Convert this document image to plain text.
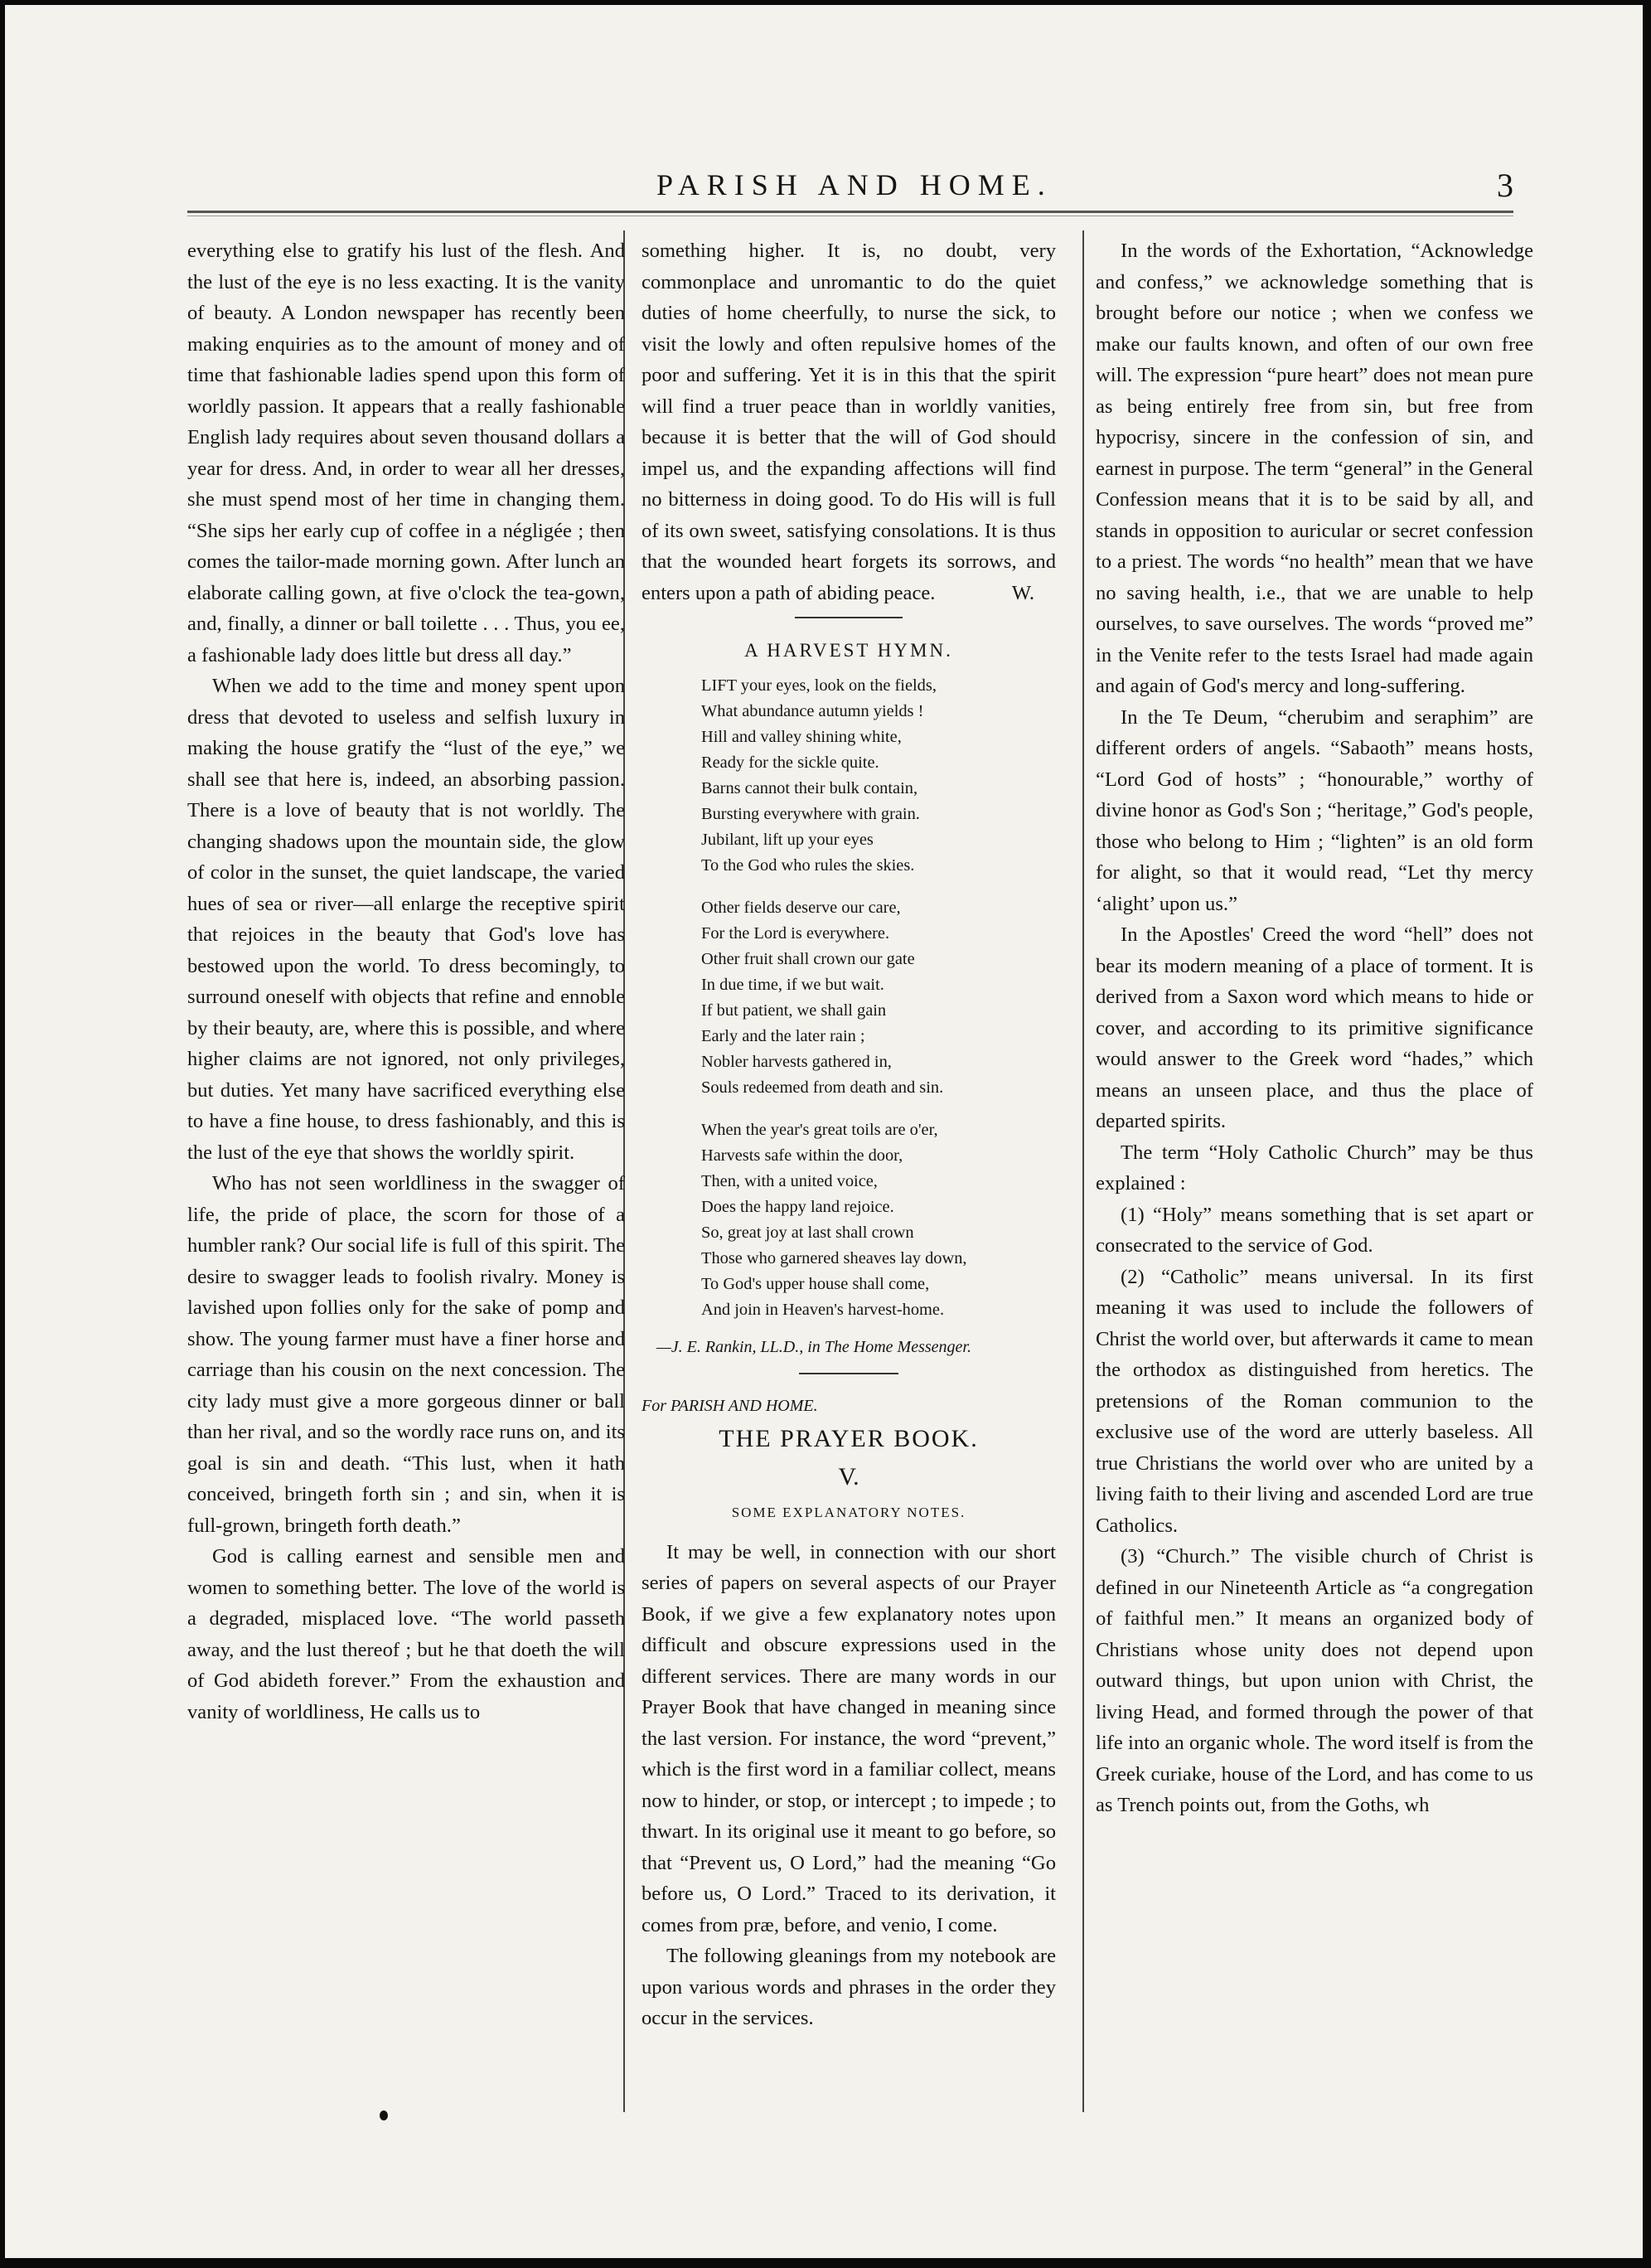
PARISH AND HOME.	3

everything else to gratify his lust of the flesh. And the lust of the eye is no less exacting. It is the vanity of beauty. A London newspaper has recently been making enquiries as to the amount of money and of time that fashionable ladies spend upon this form of worldly passion. It appears that a really fashionable English lady requires about seven thousand dollars a year for dress. And, in order to wear all her dresses, she must spend most of her time in changing them. “She sips her early cup of coffee in a négligée ; then comes the tailor-made morning gown. After lunch an elaborate calling gown, at five o'clock the tea-gown, and, finally, a dinner or ball toilette . . . Thus, you ee, a fashionable lady does little but dress all day.”

When we add to the time and money spent upon dress that devoted to useless and selfish luxury in making the house gratify the “lust of the eye,” we shall see that here is, indeed, an absorbing passion. There is a love of beauty that is not worldly. The changing shadows upon the mountain side, the glow of color in the sunset, the quiet landscape, the varied hues of sea or river—all enlarge the receptive spirit that rejoices in the beauty that God's love has bestowed upon the world. To dress becomingly, to surround oneself with objects that refine and ennoble by their beauty, are, where this is possible, and where higher claims are not ignored, not only privileges, but duties. Yet many have sacrificed everything else to have a fine house, to dress fashionably, and this is the lust of the eye that shows the worldly spirit.

Who has not seen worldliness in the swagger of life, the pride of place, the scorn for those of a humbler rank? Our social life is full of this spirit. The desire to swagger leads to foolish rivalry. Money is lavished upon follies only for the sake of pomp and show. The young farmer must have a finer horse and carriage than his cousin on the next concession. The city lady must give a more gorgeous dinner or ball than her rival, and so the wordly race runs on, and its goal is sin and death. “This lust, when it hath conceived, bringeth forth sin ; and sin, when it is full-grown, bringeth forth death.”

God is calling earnest and sensible men and women to something better. The love of the world is a degraded, misplaced love. “The world passeth away, and the lust thereof ; but he that doeth the will of God abideth forever.” From the exhaustion and vanity of worldliness, He calls us to

something higher. It is, no doubt, very commonplace and unromantic to do the quiet duties of home cheerfully, to nurse the sick, to visit the lowly and often repulsive homes of the poor and suffering. Yet it is in this that the spirit will find a truer peace than in worldly vanities, because it is better that the will of God should impel us, and the expanding affections will find no bitterness in doing good. To do His will is full of its own sweet, satisfying consolations. It is thus that the wounded heart forgets its sorrows, and enters upon a path of abiding peace.	W.
A HARVEST HYMN.
LIFT your eyes, look on the fields,
What abundance autumn yields !
Hill and valley shining white,
Ready for the sickle quite.
Barns cannot their bulk contain,
Bursting everywhere with grain.
Jubilant, lift up your eyes
To the God who rules the skies.
Other fields deserve our care,
For the Lord is everywhere.
Other fruit shall crown our gate
In due time, if we but wait.
If but patient, we shall gain
Early and the later rain ;
Nobler harvests gathered in,
Souls redeemed from death and sin.
When the year's great toils are o'er,
Harvests safe within the door,
Then, with a united voice,
Does the happy land rejoice.
So, great joy at last shall crown
Those who garnered sheaves lay down,
To God's upper house shall come,
And join in Heaven's harvest-home.
—J. E. Rankin, LL.D., in The Home Messenger.
For PARISH AND HOME.
THE PRAYER BOOK.
V.
SOME EXPLANATORY NOTES.

It may be well, in connection with our short series of papers on several aspects of our Prayer Book, if we give a few explanatory notes upon difficult and obscure expressions used in the different services. There are many words in our Prayer Book that have changed in meaning since the last version. For instance, the word “prevent,” which is the first word in a familiar collect, means now to hinder, or stop, or intercept ; to impede ; to thwart. In its original use it meant to go before, so that “Prevent us, O Lord,” had the meaning “Go before us, O Lord.” Traced to its derivation, it comes from præ, before, and venio, I come.

The following gleanings from my notebook are upon various words and phrases in the order they occur in the services.

In the words of the Exhortation, “Acknowledge and confess,” we acknowledge something that is brought before our notice ; when we confess we make our faults known, and often of our own free will. The expression “pure heart” does not mean pure as being entirely free from sin, but free from hypocrisy, sincere in the confession of sin, and earnest in purpose. The term “general” in the General Confession means that it is to be said by all, and stands in opposition to auricular or secret confession to a priest. The words “no health” mean that we have no saving health, i.e., that we are unable to help ourselves, to save ourselves. The words “proved me” in the Venite refer to the tests Israel had made again and again of God's mercy and long-suffering.

In the Te Deum, “cherubim and seraphim” are different orders of angels. “Sabaoth” means hosts, “Lord God of hosts” ; “honourable,” worthy of divine honor as God's Son ; “heritage,” God's people, those who belong to Him ; “lighten” is an old form for alight, so that it would read, “Let thy mercy ‘alight’ upon us.”

In the Apostles' Creed the word “hell” does not bear its modern meaning of a place of torment. It is derived from a Saxon word which means to hide or cover, and according to its primitive significance would answer to the Greek word “hades,” which means an unseen place, and thus the place of departed spirits.

The term “Holy Catholic Church” may be thus explained :

(1) “Holy” means something that is set apart or consecrated to the service of God.

(2) “Catholic” means universal. In its first meaning it was used to include the followers of Christ the world over, but afterwards it came to mean the orthodox as distinguished from heretics. The pretensions of the Roman communion to the exclusive use of the word are utterly baseless. All true Christians the world over who are united by a living faith to their living and ascended Lord are true Catholics.

(3) “Church.” The visible church of Christ is defined in our Nineteenth Article as “a congregation of faithful men.” It means an organized body of Christians whose unity does not depend upon outward things, but upon union with Christ, the living Head, and formed through the power of that life into an organic whole. The word itself is from the Greek curiake, house of the Lord, and has come to us as Trench points out, from the Goths, wh
